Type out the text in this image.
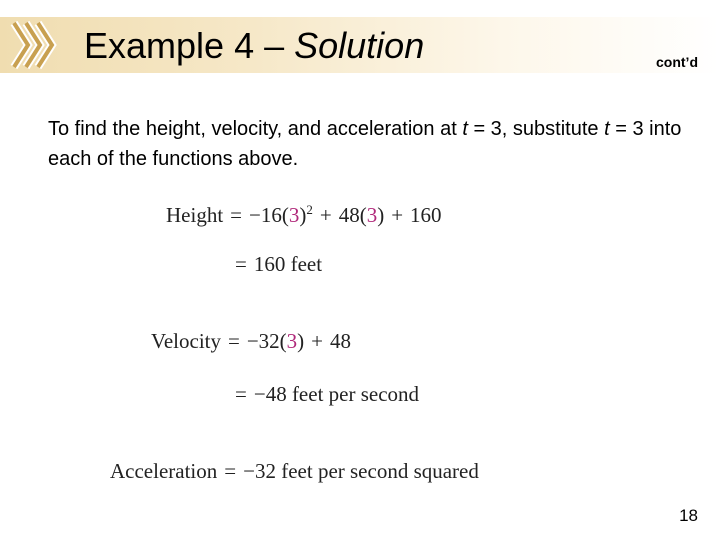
Example 4 – Solution	cont’d
To find the height, velocity, and acceleration at t = 3, substitute t = 3 into each of the functions above.
Height = $-16(3)^2 + 48(3) + 160$
= 160 feet
Velocity = −32(3) + 48
= −48 feet per second
Acceleration = −32 feet per second squared
18
